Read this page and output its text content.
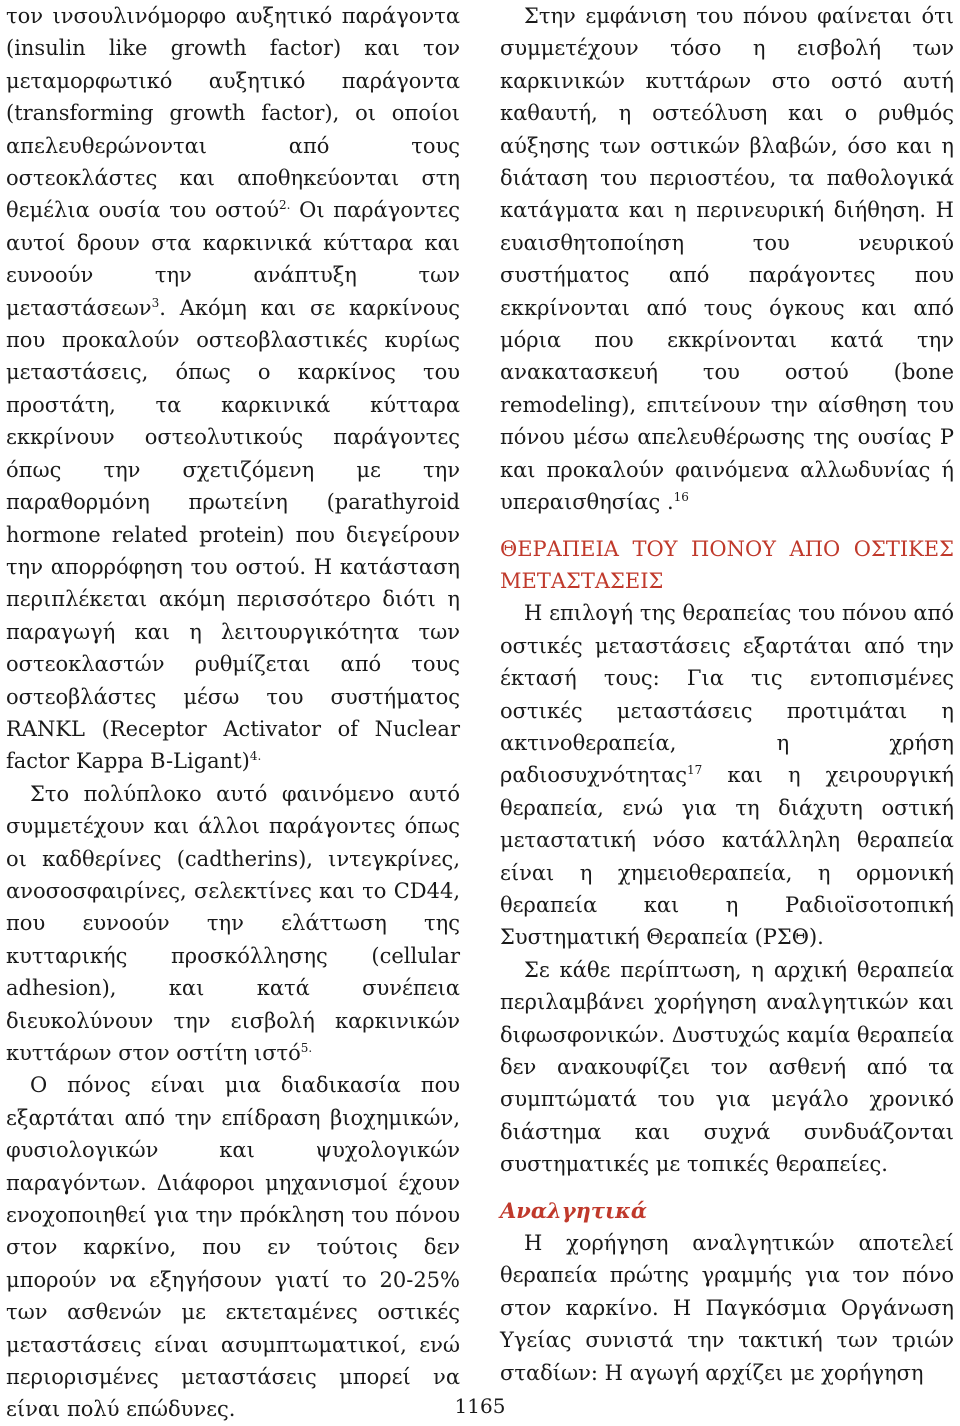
τον ινσουλινόμορφο αυξητικό παράγοντα (insulin like growth factor) και τον μεταμορφωτικό αυξητικό παράγοντα (transforming growth factor), οι οποίοι απελευθερώνονται από τους οστεοκλάστες και αποθηκεύονται στη θεμέλια ουσία του οστού$^{2.}$ Οι παράγοντες αυτοί δρουν στα καρκινικά κύτταρα και ευνοούν την ανάπτυξη των μεταστάσεων$^3$. Ακόμη και σε καρκίνους που προκαλούν οστεοβλαστικές κυρίως μεταστάσεις, όπως ο καρκίνος του προστάτη, τα καρκινικά κύτταρα εκκρίνουν οστεολυτικούς παράγοντες όπως την σχετιζόμενη με την παραθορμόνη πρωτείνη (parathyroid hormone related protein) που διεγείρουν την απορρόφηση του οστού. Η κατάσταση περιπλέκεται ακόμη περισσότερο διότι η παραγωγή και η λειτουργικότητα των οστεοκλαστών ρυθμίζεται από τους οστεοβλάστες μέσω του συστήματος RANKL (Receptor Activator of Nuclear factor Kappa B-Ligant)$^{4.}$

Στο πολύπλοκο αυτό φαινόμενο αυτό συμμετέχουν και άλλοι παράγοντες όπως οι καδθερίνες (cadtherins), ιντεγκρίνες, ανοσοσφαιρίνες, σελεκτίνες και το CD44, που ευνοούν την ελάττωση της κυτταρικής προσκόλλησης (cellular adhesion), και κατά συνέπεια διευκολύνουν την εισβολή καρκινικών κυττάρων στον οστίτη ιστό$^{5.}$

Ο πόνος είναι μια διαδικασία που εξαρτάται από την επίδραση βιοχημικών, φυσιολογικών και ψυχολογικών παραγόντων. Διάφοροι μηχανισμοί έχουν ενοχοποιηθεί για την πρόκληση του πόνου στον καρκίνο, που εν τούτοις δεν μπορούν να εξηγήσουν γιατί το 20-25% των ασθενών με εκτεταμένες οστικές μεταστάσεις είναι ασυμπτωματικοί, ενώ περιορισμένες μεταστάσεις μπορεί να είναι πολύ επώδυνες.

Στην εμφάνιση του πόνου φαίνεται ότι συμμετέχουν τόσο η εισβολή των καρκινικών κυττάρων στο οστό αυτή καθαυτή, η οστεόλυση και ο ρυθμός αύξησης των οστικών βλαβών, όσο και η διάταση του περιοστέου, τα παθολογικά κατάγματα και η περινευρική διήθηση. Η ευαισθητοποίηση του νευρικού συστήματος από παράγοντες που εκκρίνονται από τους όγκους και από μόρια που εκκρίνονται κατά την ανακατασκευή του οστού (bone remodeling), επιτείνουν την αίσθηση του πόνου μέσω απελευθέρωσης της ουσίας P και προκαλούν φαινόμενα αλλωδυνίας ή υπεραισθησίας .$^{16}$

ΘΕΡΑΠΕΙΑ ΤΟΥ ΠΟΝΟΥ ΑΠΟ ΟΣΤΙΚΕΣ ΜΕΤΑΣΤΑΣΕΙΣ

Η επιλογή της θεραπείας του πόνου από οστικές μεταστάσεις εξαρτάται από την έκτασή τους: Για τις εντοπισμένες οστικές μεταστάσεις προτιμάται η ακτινοθεραπεία, η χρήση ραδιοσυχνότητας$^{17}$ και η χειρουργική θεραπεία, ενώ για τη διάχυτη οστική μεταστατική νόσο κατάλληλη θεραπεία είναι η χημειοθεραπεία, η ορμονική θεραπεία και η Ραδιοϊσοτοπική Συστηματική Θεραπεία (ΡΣΘ).

Σε κάθε περίπτωση, η αρχική θεραπεία περιλαμβάνει χορήγηση αναλγητικών και διφωσφονικών. Δυστυχώς καμία θεραπεία δεν ανακουφίζει τον ασθενή από τα συμπτώματά του για μεγάλο χρονικό διάστημα και συχνά συνδυάζονται συστηματικές με τοπικές θεραπείες.

Αναλγητικά

Η χορήγηση αναλγητικών αποτελεί θεραπεία πρώτης γραμμής για τον πόνο στον καρκίνο. Η Παγκόσμια Οργάνωση Υγείας συνιστά την τακτική των τριών σταδίων: Η αγωγή αρχίζει με χορήγηση

1165
